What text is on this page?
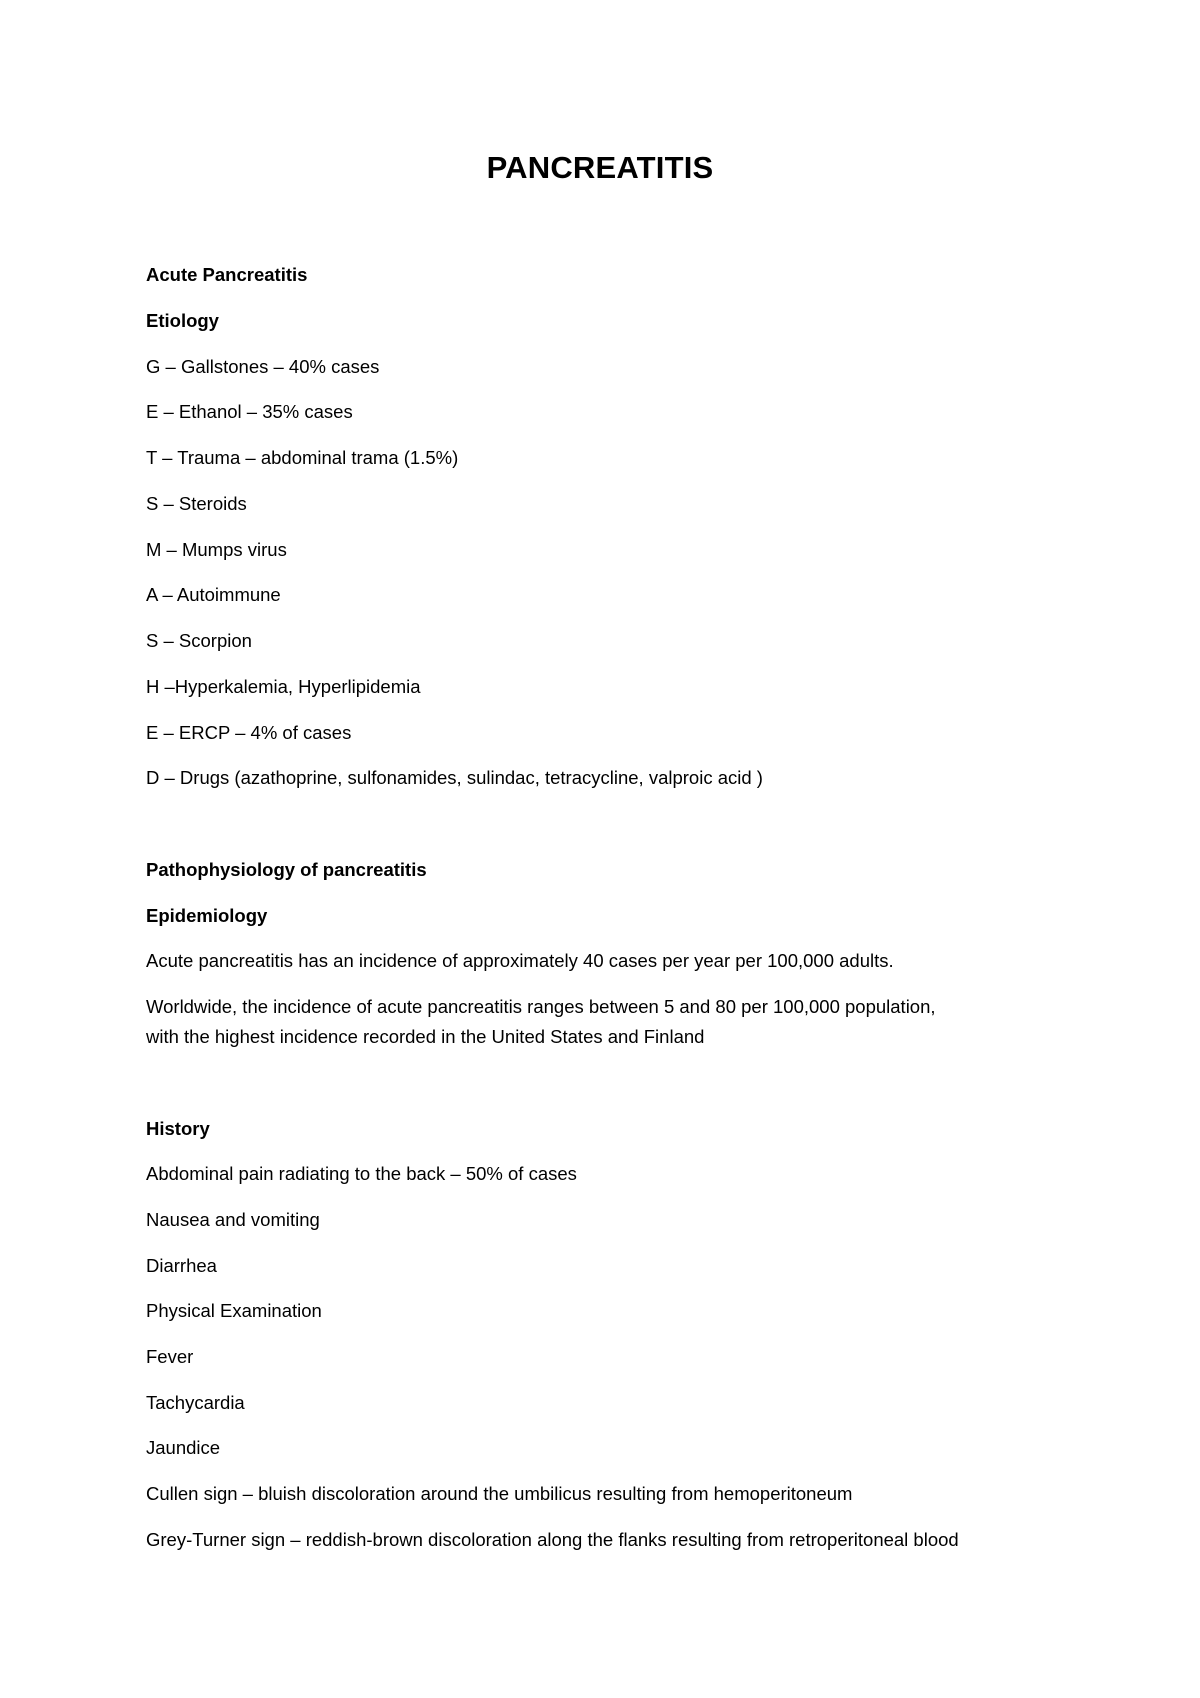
PANCREATITIS
Acute Pancreatitis
Etiology
G – Gallstones – 40% cases
E – Ethanol – 35% cases
T – Trauma – abdominal trama (1.5%)
S – Steroids
M – Mumps virus
A – Autoimmune
S – Scorpion
H –Hyperkalemia, Hyperlipidemia
E – ERCP – 4% of cases
D – Drugs (azathoprine, sulfonamides, sulindac, tetracycline, valproic acid )
Pathophysiology of pancreatitis
Epidemiology
Acute pancreatitis has an incidence of approximately 40 cases per year per 100,000 adults.
Worldwide, the incidence of acute pancreatitis ranges between 5 and 80 per 100,000 population,
with the highest incidence recorded in the United States and Finland
History
Abdominal pain radiating to the back – 50% of cases
Nausea and vomiting
Diarrhea
Physical Examination
Fever
Tachycardia
Jaundice
Cullen sign – bluish discoloration around the umbilicus resulting from hemoperitoneum
Grey-Turner sign – reddish-brown discoloration along the flanks resulting from retroperitoneal blood
